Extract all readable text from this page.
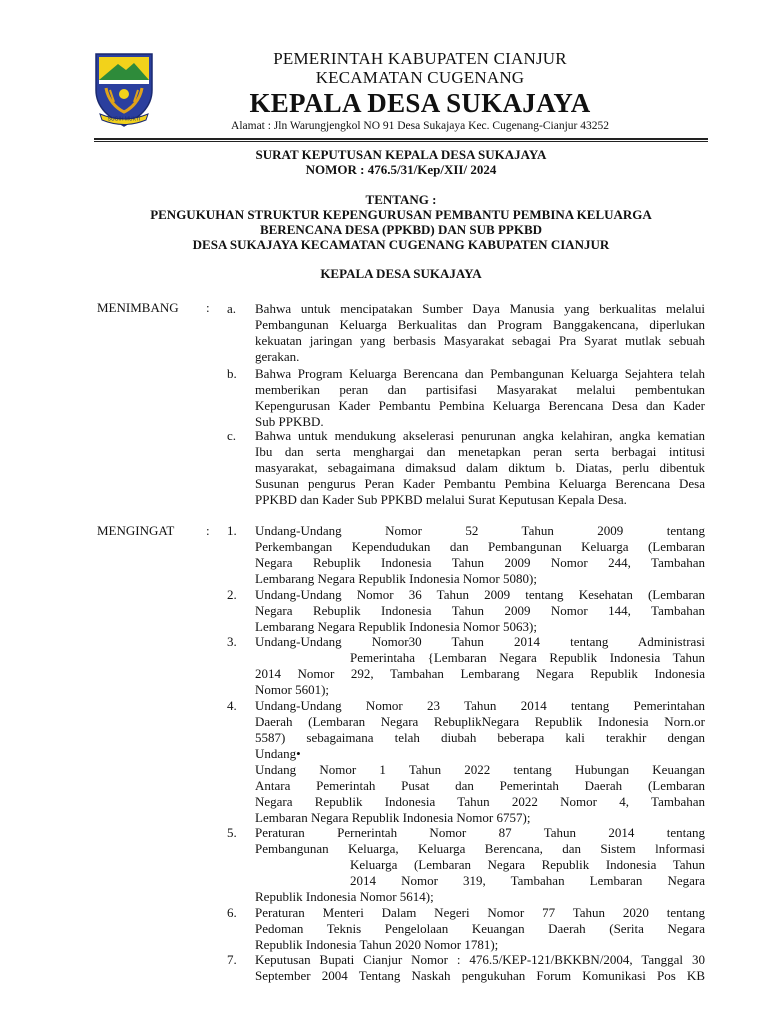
SUGIH MUKTI
PEMERINTAH KABUPATEN CIANJUR
KECAMATAN CUGENANG
KEPALA DESA SUKAJAYA
Alamat : Jln Warungjengkol NO 91 Desa Sukajaya Kec. Cugenang-Cianjur 43252
SURAT KEPUTUSAN KEPALA DESA SUKAJAYA
NOMOR : 476.5/31/Kep/XII/ 2024
TENTANG :
PENGUKUHAN STRUKTUR KEPENGURUSAN PEMBANTU PEMBINA KELUARGA
BERENCANA DESA (PPKBD) DAN SUB PPKBD
DESA SUKAJAYA KECAMATAN CUGENANG KABUPATEN CIANJUR
KEPALA DESA SUKAJAYA
MENIMBANG : a. Bahwa untuk mencipatakan Sumber Daya Manusia yang berkualitas melalui
Pembangunan Keluarga Berkualitas dan Program Banggakencana, diperlukan
kekuatan jaringan yang berbasis Masyarakat sebagai Pra Syarat mutlak sebuah
gerakan.
b. Bahwa Program Keluarga Berencana dan Pembangunan Keluarga Sejahtera telah
memberikan peran dan partisifasi Masyarakat melalui pembentukan
Kepengurusan Kader Pembantu Pembina Keluarga Berencana Desa dan Kader
Sub PPKBD.
c. Bahwa untuk mendukung akselerasi penurunan angka kelahiran, angka kematian
Ibu dan serta menghargai dan menetapkan peran serta berbagai intitusi
masyarakat, sebagaimana dimaksud dalam diktum b. Diatas, perlu dibentuk
Susunan pengurus Peran Kader Pembantu Pembina Keluarga Berencana Desa
PPKBD dan Kader Sub PPKBD melalui Surat Keputusan Kepala Desa.
MENGINGAT : 1. Undang-Undang Nomor 52 Tahun 2009 tentang
Perkembangan Kependudukan dan Pembangunan Keluarga (Lembaran
Negara Rebuplik Indonesia Tahun 2009 Nomor 244, Tambahan
Lembarang Negara Republik Indonesia Nomor 5080);
2. Undang-Undang Nomor 36 Tahun 2009 tentang Kesehatan (Lembaran
Negara Rebuplik Indonesia Tahun 2009 Nomor 144, Tambahan
Lembarang Negara Republik Indonesia Nomor 5063);
3. Undang-Undang Nomor30 Tahun 2014 tentang Administrasi
Pemerintaha {Lembaran Negara Republik Indonesia Tahun
2014 Nomor 292, Tambahan Lembarang Negara Republik Indonesia
Nomor 5601);
4. Undang-Undang Nomor 23 Tahun 2014 tentang Pemerintahan
Daerah (Lembaran Negara RebuplikNegara Republik Indonesia Norn.or
5587) sebagaimana telah diubah beberapa kali terakhir dengan
Undang•
Undang Nomor 1 Tahun 2022 tentang Hubungan Keuangan
Antara Pemerintah Pusat dan Pemerintah Daerah (Lembaran
Negara Republik Indonesia Tahun 2022 Nomor 4, Tambahan
Lembaran Negara Republik Indonesia Nomor 6757);
5. Peraturan Pernerintah Nomor 87 Tahun 2014 tentang
Pembangunan Keluarga, Keluarga Berencana, dan Sistem lnformasi
Keluarga (Lembaran Negara Republik Indonesia Tahun
2014 Nomor 319, Tambahan Lembaran Negara
Republik Indonesia Nomor 5614);
6. Peraturan Menteri Dalam Negeri Nomor 77 Tahun 2020 tentang
Pedoman Teknis Pengelolaan Keuangan Daerah (Serita Negara
Republik Indonesia Tahun 2020 Nomor 1781);
7. Keputusan Bupati Cianjur Nomor : 476.5/KEP-121/BKKBN/2004, Tanggal 30
September 2004 Tentang Naskah pengukuhan Forum Komunikasi Pos KB
